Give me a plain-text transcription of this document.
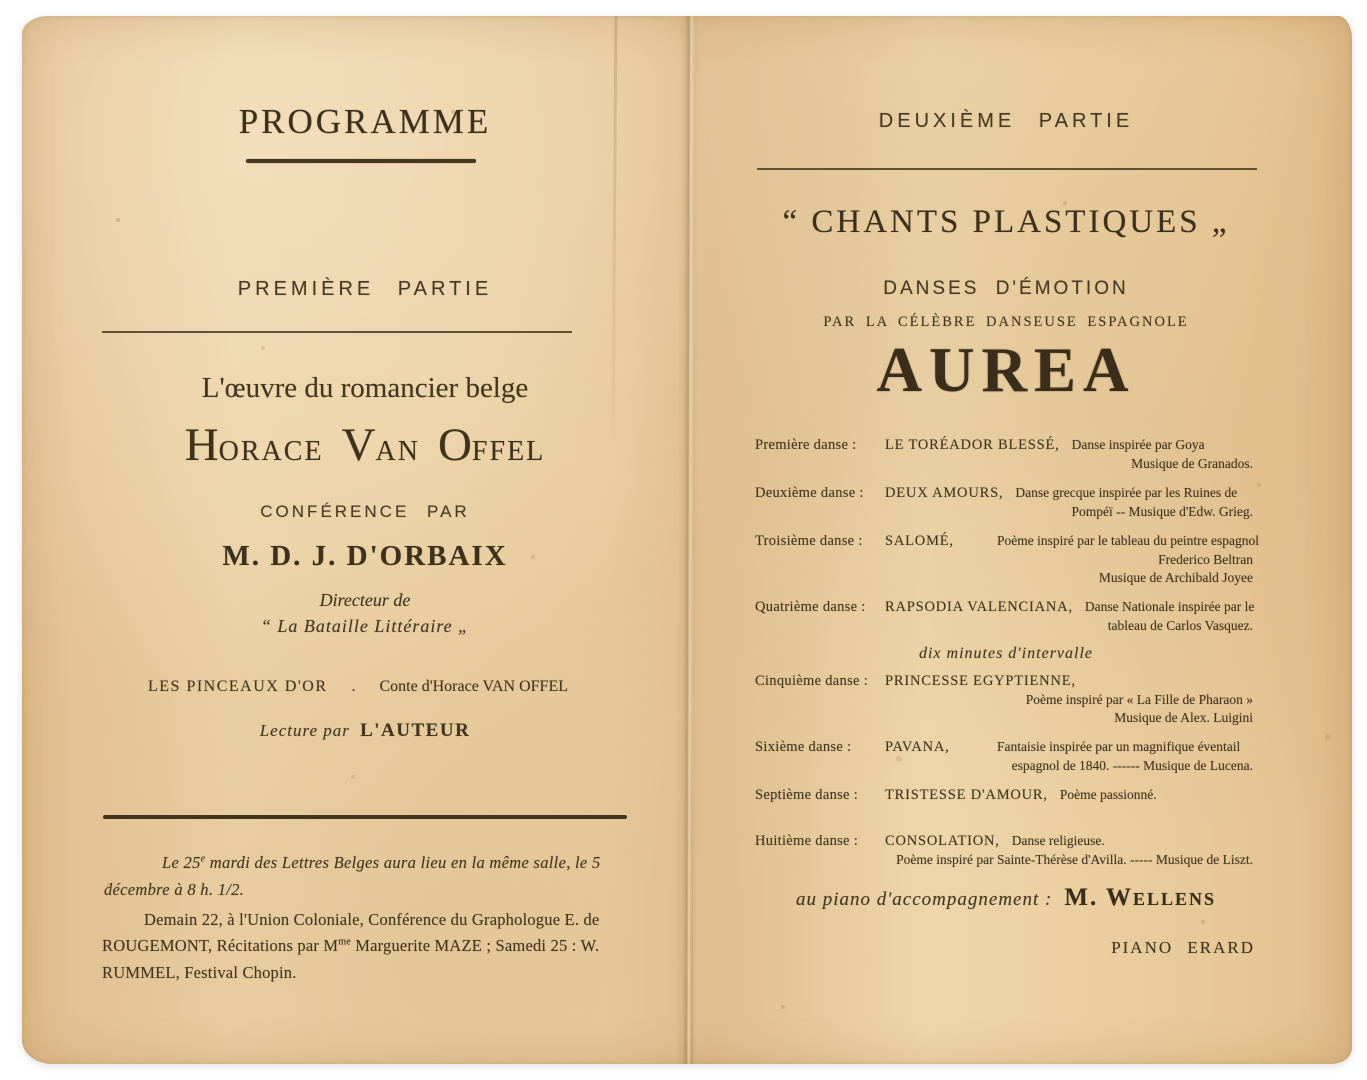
PROGRAMME
PREMIÈRE PARTIE
L'œuvre du romancier belge
HORACE VAN OFFEL
CONFÉRENCE PAR
M. D. J. D'ORBAIX
Directeur de
“ La Bataille Littéraire „
LES PINCEAUX D'OR . Conte d'Horace VAN OFFEL
Lecture par L'AUTEUR

Le 25e mardi des Lettres Belges aura lieu en la même salle, le 5 décembre à 8 h. 1/2.

Demain 22, à l'Union Coloniale, Conférence du Graphologue E. de ROUGEMONT, Récitations par $M^{me}$ Marguerite MAZE ; Samedi 25 : W. RUMMEL, Festival Chopin.

DEUXIÈME PARTIE
“ CHANTS PLASTIQUES „
DANSES D'ÉMOTION
PAR LA CÉLÈBRE DANSEUSE ESPAGNOLE
AUREA
Première danse :	LE TORÉADOR BLESSÉ, Danse inspirée par Goya
Musique de Granados.
Deuxième danse :	DEUX AMOURS, Danse grecque inspirée par les Ruines de
Pompéï -- Musique d'Edw. Grieg.
Troisième danse :	SALOMÉ,	Poème inspiré par le tableau du peintre espagnol
Frederico Beltran
Musique de Archibald Joyee
Quatrième danse :	RAPSODIA VALENCIANA, Danse Nationale inspirée par le
tableau de Carlos Vasquez.
dix minutes d'intervalle
Cinquième danse :	PRINCESSE EGYPTIENNE,
Poème inspiré par « La Fille de Pharaon »
Musique de Alex. Luigini
Sixième danse :	PAVANA,	Fantaisie inspirée par un magnifique éventail
espagnol de 1840. ------ Musique de Lucena.
Septième danse :	TRISTESSE D'AMOUR, Poème passionné.
Huitième danse :	CONSOLATION, Danse religieuse.
Poème inspiré par Sainte-Thérèse d'Avilla. ----- Musique de Liszt.
au piano d'accompagnement : M. Wellens
PIANO ERARD
